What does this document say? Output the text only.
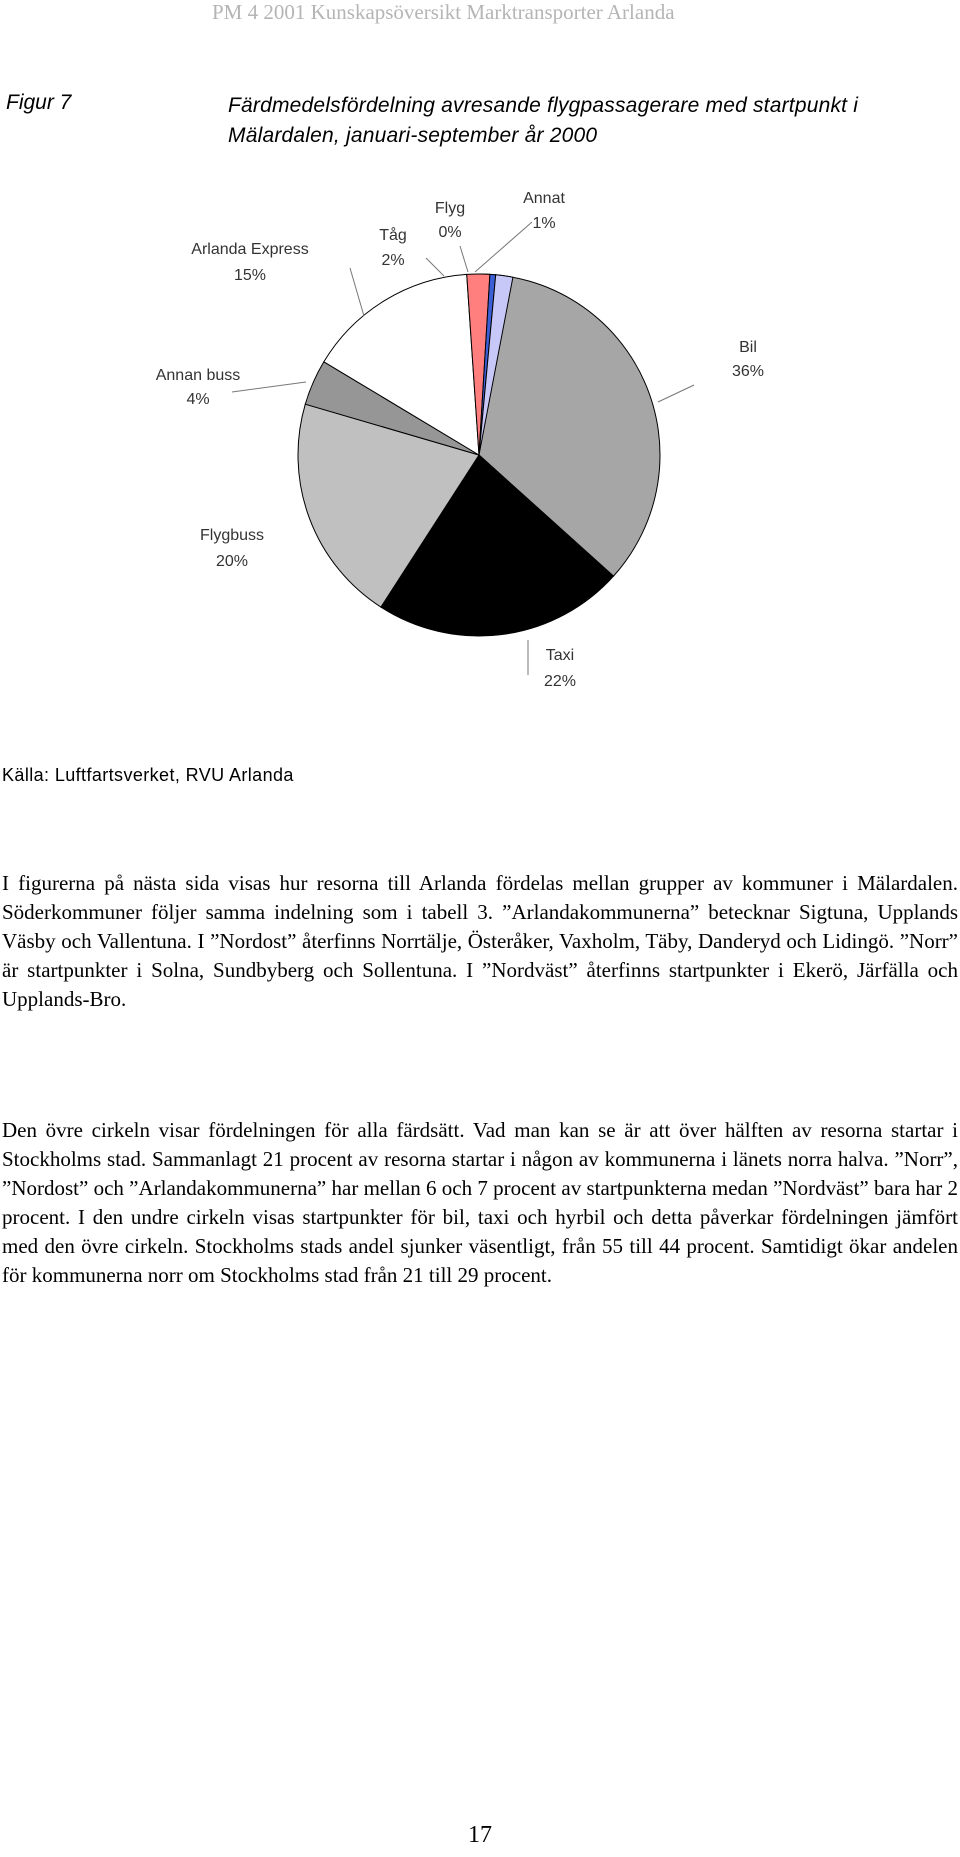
PM 4 2001 Kunskapsöversikt Marktransporter Arlanda
Figur 7	Färdmedelsfördelning avresande flygpassagerare med startpunkt i Mälardalen, januari-september år 2000
Bil
36%
Taxi
22%
Flygbuss
20%
Annan buss
4%
Arlanda Express
15%
Tåg
2%
Flyg
0%
Annat
1%
Källa: Luftfartsverket, RVU Arlanda

I figurerna på nästa sida visas hur resorna till Arlanda fördelas mellan grupper av kommuner i Mälardalen. Söderkommuner följer samma indelning som i tabell 3. ”Arlandakommunerna” betecknar Sigtuna, Upplands Väsby och Vallentuna. I ”Nordost” återfinns Norrtälje, Österåker, Vaxholm, Täby, Danderyd och Lidingö. ”Norr” är startpunkter i Solna, Sundbyberg och Sollentuna. I ”Nordväst” återfinns startpunkter i Ekerö, Järfälla och Upplands-Bro.

Den övre cirkeln visar fördelningen för alla färdsätt. Vad man kan se är att över hälften av resorna startar i Stockholms stad. Sammanlagt 21 procent av resorna startar i någon av kommunerna i länets norra halva. ”Norr”, ”Nordost” och ”Arlandakommunerna” har mellan 6 och 7 procent av startpunkterna medan ”Nordväst” bara har 2 procent. I den undre cirkeln visas startpunkter för bil, taxi och hyrbil och detta påverkar fördelningen jämfört med den övre cirkeln. Stockholms stads andel sjunker väsentligt, från 55 till 44 procent. Samtidigt ökar andelen för kommunerna norr om Stockholms stad från 21 till 29 procent.

17
